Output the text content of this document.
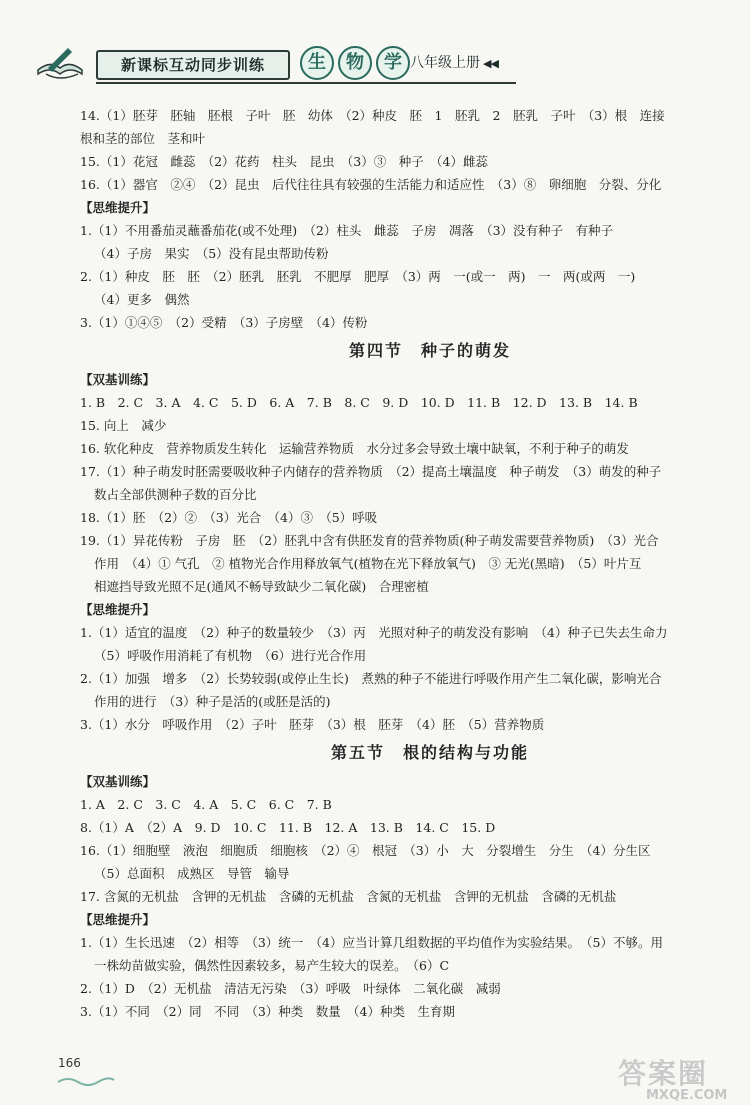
新课标互动同步训练	生	物	学 八年级上册 ◀◀
14.（1）胚芽　胚轴　胚根　子叶　胚　幼体　（2）种皮　胚　1　胚乳　2　胚乳　子叶　（3）根　连接
根和茎的部位　茎和叶
15.（1）花冠　雌蕊　（2）花药　柱头　昆虫　（3）③　种子　（4）雌蕊
16.（1）器官　②④　（2）昆虫　后代往往具有较强的生活能力和适应性　（3）⑧　卵细胞　分裂、分化
【思维提升】
1.（1）不用番茄灵蘸番茄花(或不处理)　（2）柱头　雌蕊　子房　凋落　（3）没有种子　有种子
（4）子房　果实　（5）没有昆虫帮助传粉
2.（1）种皮　胚　胚　（2）胚乳　胚乳　不肥厚　肥厚　（3）两　一(或一　两)　一　两(或两　一)
（4）更多　偶然
3.（1）①④⑤　（2）受精　（3）子房壁　（4）传粉
第四节　种子的萌发
【双基训练】
1. B　2. C　3. A　4. C　5. D　6. A　7. B　8. C　9. D　10. D　11. B　12. D　13. B　14. B
15. 向上　减少
16. 软化种皮　营养物质发生转化　运输营养物质　水分过多会导致土壤中缺氧，不利于种子的萌发
17.（1）种子萌发时胚需要吸收种子内储存的营养物质　（2）提高土壤温度　种子萌发　（3）萌发的种子
数占全部供测种子数的百分比
18.（1）胚　（2）②　（3）光合　（4）③　（5）呼吸
19.（1）异花传粉　子房　胚　（2）胚乳中含有供胚发育的营养物质(种子萌发需要营养物质)　（3）光合
作用　（4）① 气孔　② 植物光合作用释放氧气(植物在光下释放氧气)　③ 无光(黑暗)　（5）叶片互
相遮挡导致光照不足(通风不畅导致缺少二氧化碳)　合理密植
【思维提升】
1.（1）适宜的温度　（2）种子的数量较少　（3）丙　光照对种子的萌发没有影响　（4）种子已失去生命力
（5）呼吸作用消耗了有机物　（6）进行光合作用
2.（1）加强　增多　（2）长势较弱(或停止生长)　煮熟的种子不能进行呼吸作用产生二氧化碳，影响光合
作用的进行　（3）种子是活的(或胚是活的)
3.（1）水分　呼吸作用　（2）子叶　胚芽　（3）根　胚芽　（4）胚　（5）营养物质
第五节　根的结构与功能
【双基训练】
1. A　2. C　3. C　4. A　5. C　6. C　7. B
8.（1）A　（2）A　9. D　10. C　11. B　12. A　13. B　14. C　15. D
16.（1）细胞壁　液泡　细胞质　细胞核　（2）④　根冠　（3）小　大　分裂增生　分生　（4）分生区
（5）总面积　成熟区　导管　输导
17. 含氮的无机盐　含钾的无机盐　含磷的无机盐　含氮的无机盐　含钾的无机盐　含磷的无机盐
【思维提升】
1.（1）生长迅速　（2）相等　（3）统一　（4）应当计算几组数据的平均值作为实验结果。　（5）不够。用
一株幼苗做实验，偶然性因素较多，易产生较大的误差。　（6）C
2.（1）D　（2）无机盐　清洁无污染　（3）呼吸　叶绿体　二氧化碳　减弱
3.（1）不同　（2）同　不同　（3）种类　数量　（4）种类　生育期
166	答案圈
MXQE.COM
